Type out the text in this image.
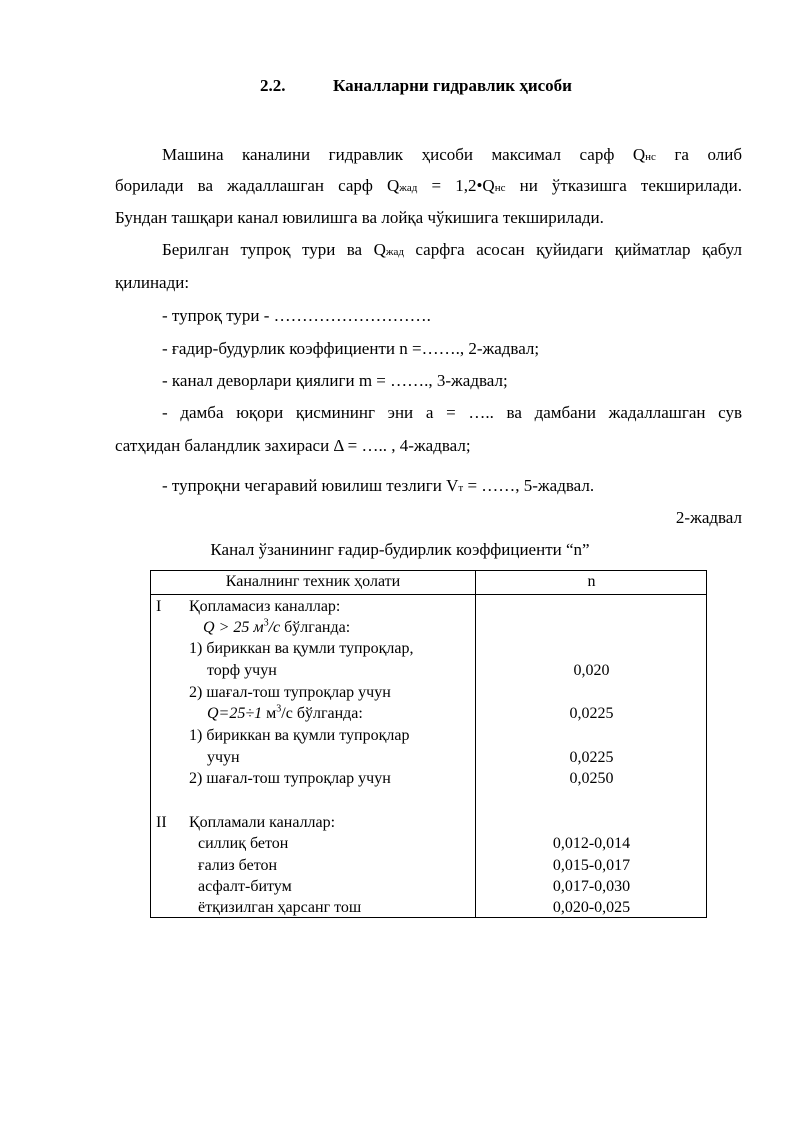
2.2.	Каналларни гидравлик ҳисоби
Машина каналини гидравлик ҳисоби максимал сарф Qнс га олиб
борилади ва жадаллашган сарф Qжад = 1,2•Qнс ни ўтказишга текширилади.
Бундан ташқари канал ювилишга ва лойқа чўкишига текширилади.
Берилган тупроқ тури ва Qжад сарфга асосан қуйидаги қийматлар қабул
қилинади:
- тупроқ тури - ……………………….
- ғадир-будурлик коэффициенти n =……., 2-жадвал;
- канал деворлари қиялиги m = ……., 3-жадвал;
- дамба юқори қисмининг эни а = ….. ва дамбани жадаллашган сув
сатҳидан баландлик захираси Δ = ….. , 4-жадвал;
- тупроқни чегаравий ювилиш тезлиги Vт = ……, 5-жадвал.
2-жадвал
Канал ўзанининг ғадир-будирлик коэффициенти “n”
Каналнинг техник ҳолати	n
I Қопламасиз каналлар:
Q > 25 $м^3/с$ бўлганда:
1) бириккан ва қумли тупроқлар,
торф учун	0,020
2) шағал-тош тупроқлар учун
Q=25÷1 $м^3/с$ бўлганда:	0,0225
1) бириккан ва қумли тупроқлар
учун	0,0225
2) шағал-тош тупроқлар учун	0,0250
II Қопламали каналлар:
силлиқ бетон	0,012-0,014
ғализ бетон	0,015-0,017
асфалт-битум	0,017-0,030
ётқизилган ҳарсанг тош	0,020-0,025
